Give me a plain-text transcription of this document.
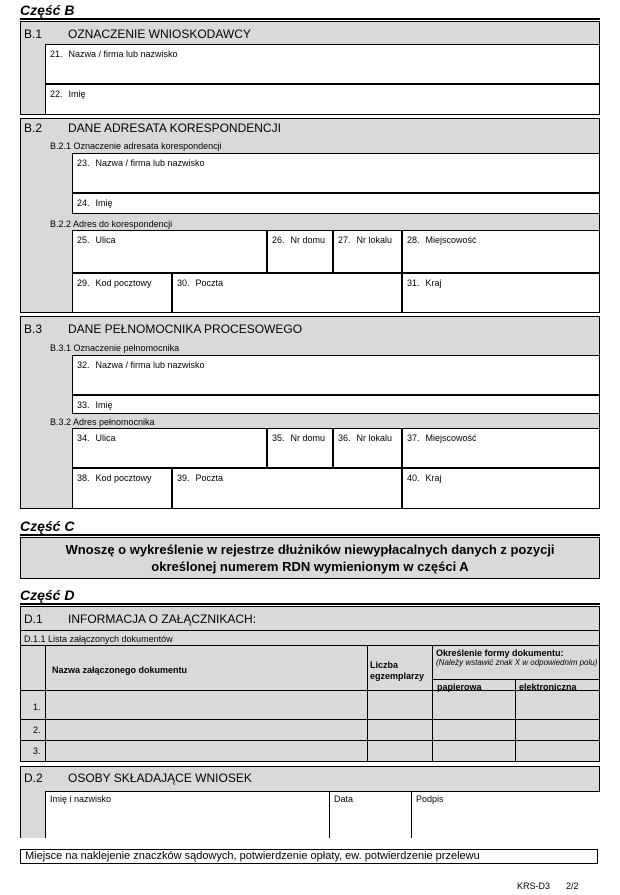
Część B
B.1 OZNACZENIE WNIOSKODAWCY
21. Nazwa / firma lub nazwisko
22. Imię
B.2 DANE ADRESATA KORESPONDENCJI
B.2.1 Oznaczenie adresata korespondencji
23. Nazwa / firma lub nazwisko
24. Imię
B.2.2 Adres do korespondencji
25. Ulica	26. Nr domu 27. Nr lokalu 28. Miejscowość
29. Kod pocztowy	30. Poczta	31. Kraj
B.3 DANE PEŁNOMOCNIKA PROCESOWEGO
B.3.1 Oznaczenie pełnomocnika
32. Nazwa / firma lub nazwisko
33. Imię
B.3.2 Adres pełnomocnika
34. Ulica	35. Nr domu 36. Nr lokalu 37. Miejscowość
38. Kod pocztowy	39. Poczta	40. Kraj
Część C
Wnoszę o wykreślenie w rejestrze dłużników niewypłacalnych danych z pozycji
określonej numerem RDN wymienionym w części A
Część D
D.1 INFORMACJA O ZAŁĄCZNIKACH:
D.1.1 Lista załączonych dokumentów
Nazwa załączonego dokumentu	Liczba
egzemplarzy
Określenie formy dokumentu:
(Należy wstawić znak X w odpowiednim polu)
papierowa	elektroniczna
1.
2.
3.
D.2 OSOBY SKŁADAJĄCE WNIOSEK
Imię i nazwisko	Data	Podpis
Miejsce na naklejenie znaczków sądowych, potwierdzenie opłaty, ew. potwierdzenie przelewu
KRS-D3 2/2
